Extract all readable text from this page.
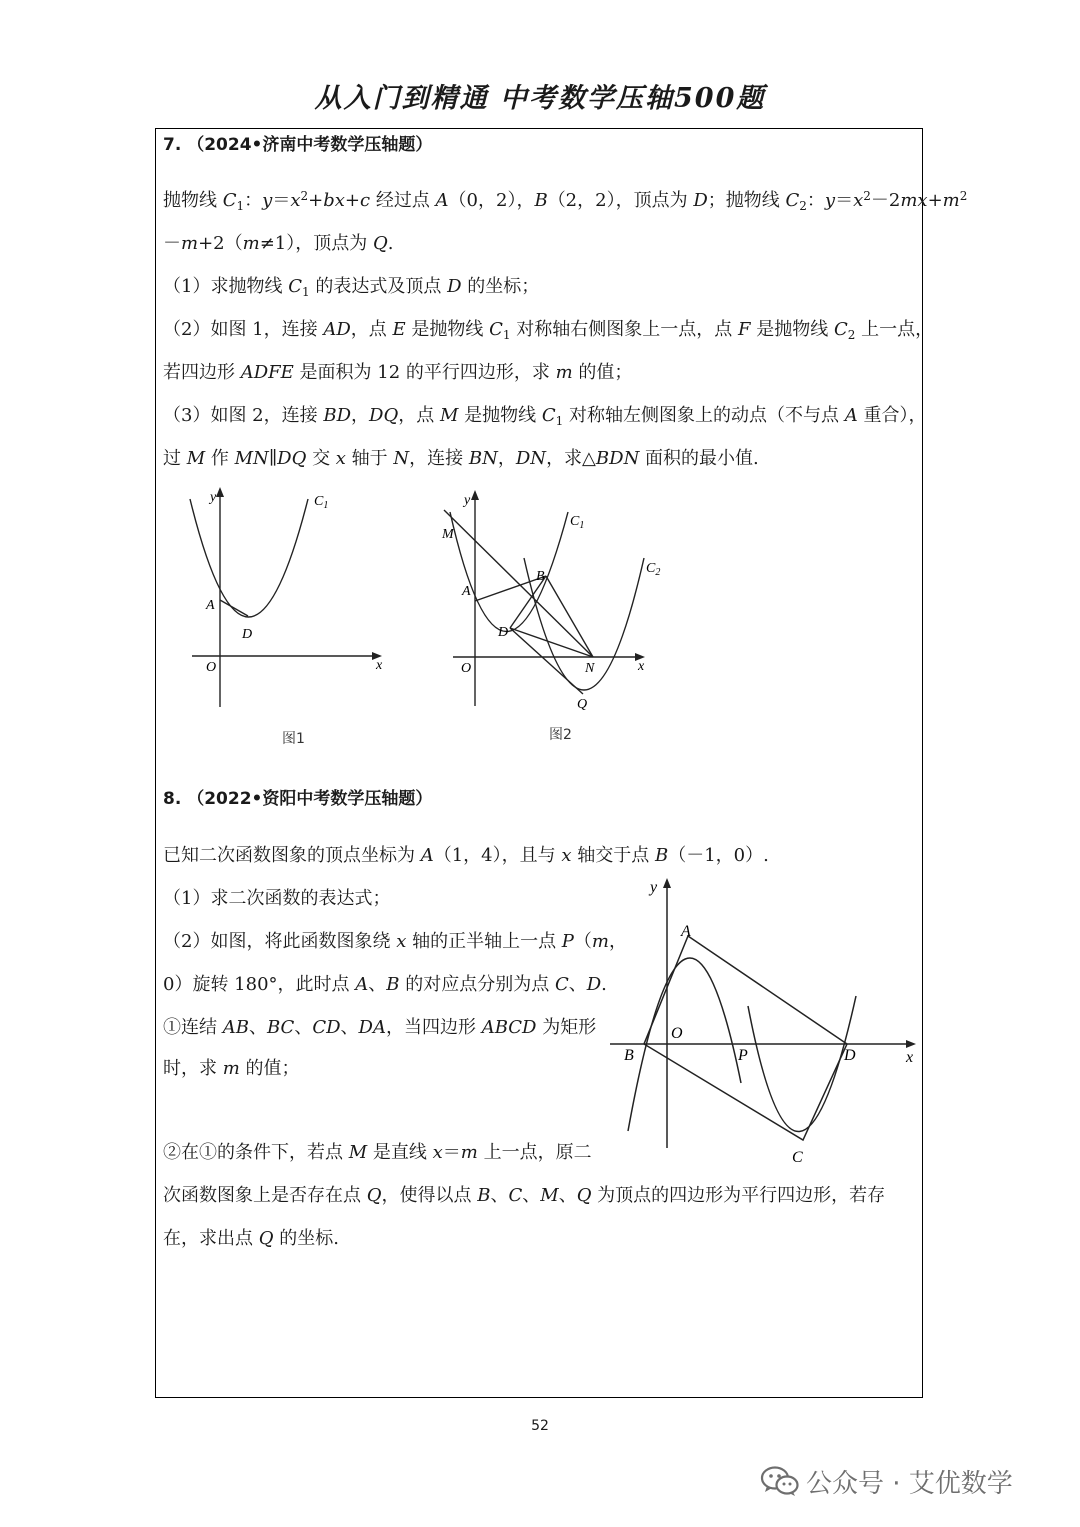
从入门到精通 中考数学压轴500题
7. （2024•济南中考数学压轴题）
抛物线 $C_1$：$y=x^2+bx+c$ 经过点 A（0，2），B（2，2），顶点为 D；抛物线 $C_2$：$y=x^2-2mx+m^2$
－m+2（m≠1），顶点为 Q.
（1）求抛物线 $C_1$ 的表达式及顶点 D 的坐标；
（2）如图 1，连接 AD，点 E 是抛物线 $C_1$ 对称轴右侧图象上一点，点 F 是抛物线 $C_2$ 上一点，
若四边形 ADFE 是面积为 12 的平行四边形，求 m 的值；
（3）如图 2，连接 BD，DQ，点 M 是抛物线 $C_1$ 对称轴左侧图象上的动点（不与点 A 重合），
过 M 作 MN∥DQ 交 x 轴于 N，连接 BN，DN，求△BDN 面积的最小值.
y
x
O
A
D
$C_1$
图1
y
x
O
M
A
B
D
N
Q
$C_1$
$C_2$
图2
8. （2022•资阳中考数学压轴题）
已知二次函数图象的顶点坐标为 A（1，4），且与 x 轴交于点 B（－1，0）.
（1）求二次函数的表达式；
（2）如图，将此函数图象绕 x 轴的正半轴上一点 P（m，
0）旋转 180°，此时点 A、B 的对应点分别为点 C、D.
①连结 AB、BC、CD、DA，当四边形 ABCD 为矩形
时，求 m 的值；
②在①的条件下，若点 M 是直线 x＝m 上一点，原二
次函数图象上是否存在点 Q，使得以点 B、C、M、Q 为顶点的四边形为平行四边形，若存
在，求出点 Q 的坐标.
y
x
O
A
B	P	D
C
52
公众号 · 艾优数学
